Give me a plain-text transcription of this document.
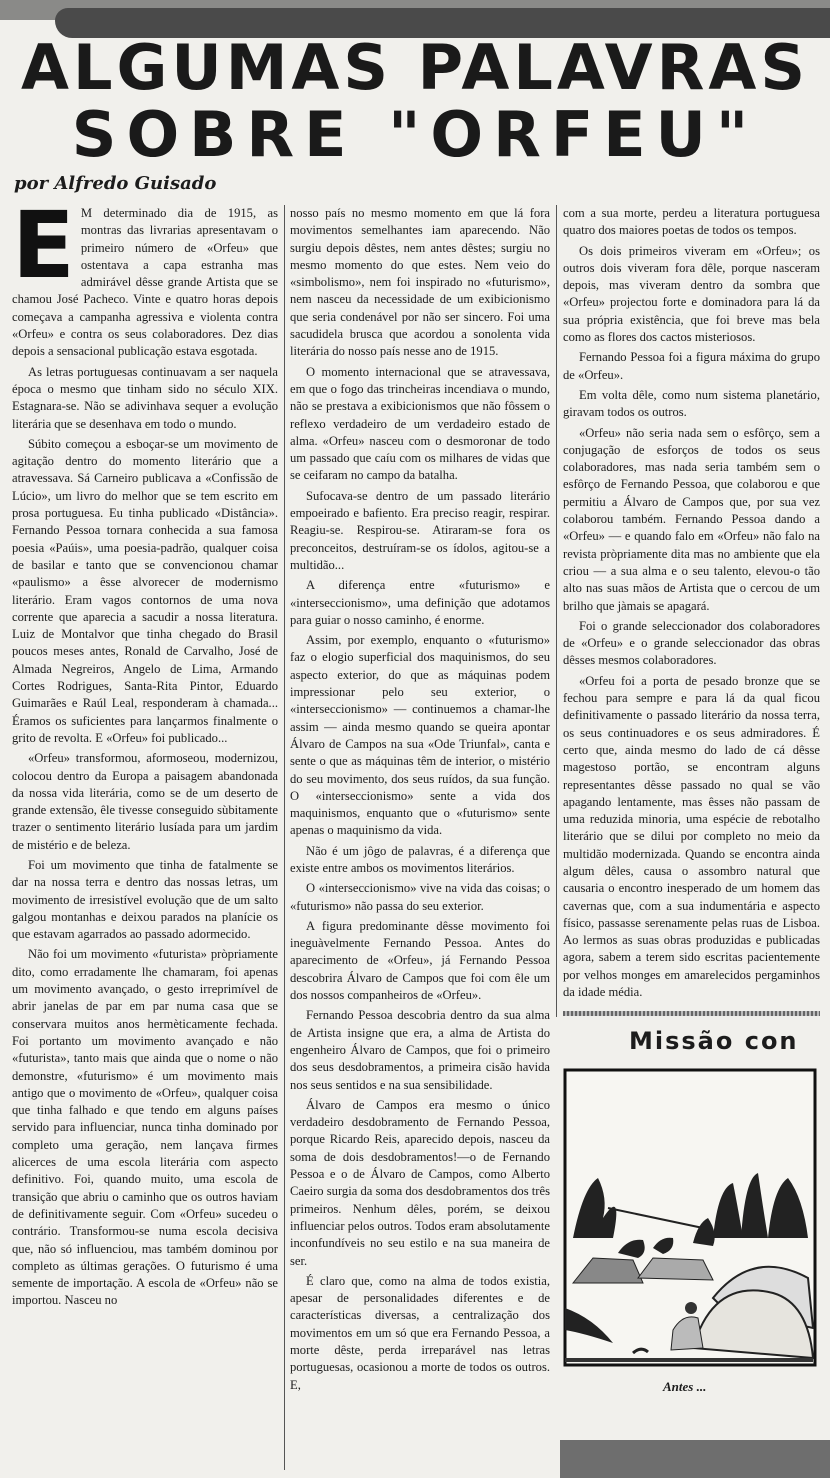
ALGUMAS PALAVRAS
SOBRE "ORFEU"
por Alfredo Guisado

E M determinado dia de 1915, as montras das livrarias apresentavam o primeiro número de «Orfeu» que ostentava a capa estranha mas admirável dêsse grande Artista que se chamou José Pacheco. Vinte e quatro horas depois começava a campanha agressiva e violenta contra «Orfeu» e contra os seus colaboradores. Dez dias depois a sensacional publicação estava esgotada.

As letras portuguesas continuavam a ser naquela época o mesmo que tinham sido no século XIX. Estagnara-se. Não se adivinhava sequer a evolução literária que se desenhava em todo o mundo.

Súbito começou a esboçar-se um movimento de agitação dentro do momento literário que a atravessava. Sá Carneiro publicava a «Confissão de Lúcio», um livro do melhor que se tem escrito em prosa portuguesa. Eu tinha publicado «Distância». Fernando Pessoa tornara conhecida a sua famosa poesia «Paúis», uma poesia-padrão, qualquer coisa de basilar e tanto que se convencionou chamar «paulismo» a êsse alvorecer de modernismo literário. Eram vagos contornos de uma nova corrente que aparecia a sacudir a nossa literatura. Luiz de Montalvor que tinha chegado do Brasil poucos meses antes, Ronald de Carvalho, José de Almada Negreiros, Angelo de Lima, Armando Cortes Rodrigues, Santa-Rita Pintor, Eduardo Guimarães e Raúl Leal, responderam à chamada... Éramos os suficientes para lançarmos finalmente o grito de revolta. E «Orfeu» foi publicado...

«Orfeu» transformou, aformoseou, modernizou, colocou dentro da Europa a paisagem abandonada da nossa vida literária, como se de um deserto de grande extensão, êle tivesse conseguido sùbitamente trazer o sentimento literário lusíada para um jardim de mistério e de beleza.

Foi um movimento que tinha de fatalmente se dar na nossa terra e dentro das nossas letras, um movimento de irresistível evolução que de um salto galgou montanhas e deixou parados na planície os que estavam agarrados ao passado adormecido.

Não foi um movimento «futurista» pròpriamente dito, como erradamente lhe chamaram, foi apenas um movimento avançado, o gesto irreprimível de abrir janelas de par em par numa casa que se conservara muitos anos hermèticamente fechada. Foi portanto um movimento avançado e não «futurista», tanto mais que ainda que o nome o não demonstre, «futurismo» é um movimento mais antigo que o movimento de «Orfeu», qualquer coisa que tinha falhado e que tendo em alguns países servido para influenciar, nunca tinha dominado por completo uma geração, nem lançava firmes alicerces de uma escola literária com aspecto definitivo. Foi, quando muito, uma escola de transição que abriu o caminho que os outros haviam de definitivamente seguir. Com «Orfeu» sucedeu o contrário. Transformou-se numa escola decisiva que, não só influenciou, mas também dominou por completo as últimas gerações. O futurismo é uma semente de importação. A escola de «Orfeu» não se importou. Nasceu no

nosso país no mesmo momento em que lá fora movimentos semelhantes iam aparecendo. Não surgiu depois dêstes, nem antes dêstes; surgiu no mesmo momento do que estes. Nem veio do «simbolismo», nem foi inspirado no «futurismo», nem nasceu da necessidade de um exibicionismo que seria condenável por não ser sincero. Foi uma sacudidela brusca que acordou a sonolenta vida literária do nosso país nesse ano de 1915.

O momento internacional que se atravessava, em que o fogo das trincheiras incendiava o mundo, não se prestava a exibicionismos que não fôssem o reflexo verdadeiro de um verdadeiro estado de alma. «Orfeu» nasceu com o desmoronar de todo um passado que caíu com os milhares de vidas que se ceifaram no campo da batalha.

Sufocava-se dentro de um passado literário empoeirado e bafiento. Era preciso reagir, respirar. Reagiu-se. Respirou-se. Atiraram-se fora os preconceitos, destruíram-se os ídolos, agitou-se a multidão...

A diferença entre «futurismo» e «interseccionismo», uma definição que adotamos para guiar o nosso caminho, é enorme.

Assim, por exemplo, enquanto o «futurismo» faz o elogio superficial dos maquinismos, do seu aspecto exterior, do que as máquinas podem impressionar pelo seu exterior, o «interseccionismo» — continuemos a chamar-lhe assim — ainda mesmo quando se queira apontar Álvaro de Campos na sua «Ode Triunfal», canta e sente o que as máquinas têm de interior, o mistério do seu movimento, dos seus ruídos, da sua função. O «interseccionismo» sente a vida dos maquinismos, enquanto que o «futurismo» sente apenas o maquinismo da vida.

Não é um jôgo de palavras, é a diferença que existe entre ambos os movimentos literários.

O «interseccionismo» vive na vida das coisas; o «futurismo» não passa do seu exterior.

A figura predominante dêsse movimento foi ineguàvelmente Fernando Pessoa. Antes do aparecimento de «Orfeu», já Fernando Pessoa descobrira Álvaro de Campos que foi com êle um dos nossos companheiros de «Orfeu».

Fernando Pessoa descobria dentro da sua alma de Artista insigne que era, a alma de Artista do engenheiro Álvaro de Campos, que foi o primeiro dos seus desdobramentos, a primeira cisão havida nos seus sentidos e na sua sensibilidade.

Álvaro de Campos era mesmo o único verdadeiro desdobramento de Fernando Pessoa, porque Ricardo Reis, aparecido depois, nasceu da soma de dois desdobramentos!—o de Fernando Pessoa e o de Álvaro de Campos, como Alberto Caeiro surgia da soma dos desdobramentos dos três primeiros. Nenhum dêles, porém, se deixou influenciar pelos outros. Todos eram absolutamente inconfundíveis no seu estilo e na sua maneira de ser.

É claro que, como na alma de todos existia, apesar de personalidades diferentes e de características diversas, a centralização dos movimentos em um só que era Fernando Pessoa, a morte dêste, perda irreparável nas letras portuguesas, ocasionou a morte de todos os outros. E,

com a sua morte, perdeu a literatura portuguesa quatro dos maiores poetas de todos os tempos.

Os dois primeiros viveram em «Orfeu»; os outros dois viveram fora dêle, porque nasceram depois, mas viveram dentro da sombra que «Orfeu» projectou forte e dominadora para lá da sua própria existência, que foi breve mas bela como as flores dos cactos misteriosos.

Fernando Pessoa foi a figura máxima do grupo de «Orfeu».

Em volta dêle, como num sistema planetário, giravam todos os outros.

«Orfeu» não seria nada sem o esfôrço, sem a conjugação de esforços de todos os seus colaboradores, mas nada seria também sem o esfôrço de Fernando Pessoa, que colaborou e que permitiu a Álvaro de Campos que, por sua vez colaborou também. Fernando Pessoa dando a «Orfeu» — e quando falo em «Orfeu» não falo na revista pròpriamente dita mas no ambiente que ela criou — a sua alma e o seu talento, elevou-o tão alto nas suas mãos de Artista que o cercou de um brilho que jàmais se apagará.

Foi o grande seleccionador dos colaboradores de «Orfeu» e o grande seleccionador das obras dêsses mesmos colaboradores.

«Orfeu foi a porta de pesado bronze que se fechou para sempre e para lá da qual ficou definitivamente o passado literário da nossa terra, os seus continuadores e os seus admiradores. É certo que, ainda mesmo do lado de cá dêsse magestoso portão, se encontram alguns representantes dêsse passado no qual se vão apagando lentamente, mas êsses não passam de uma reduzida minoria, uma espécie de rebotalho literário que se dilui por completo no meio da multidão modernizada. Quando se encontra ainda algum dêles, causa o assombro natural que causaria o encontro inesperado de um homem das cavernas que, com a sua indumentária e aspecto físico, passasse serenamente pelas ruas de Lisboa. Ao lermos as suas obras produzidas e publicadas agora, sabem a terem sido escritas pacientemente por velhos monges em amarelecidos pergaminhos da idade média.

Missão con
Antes ...
